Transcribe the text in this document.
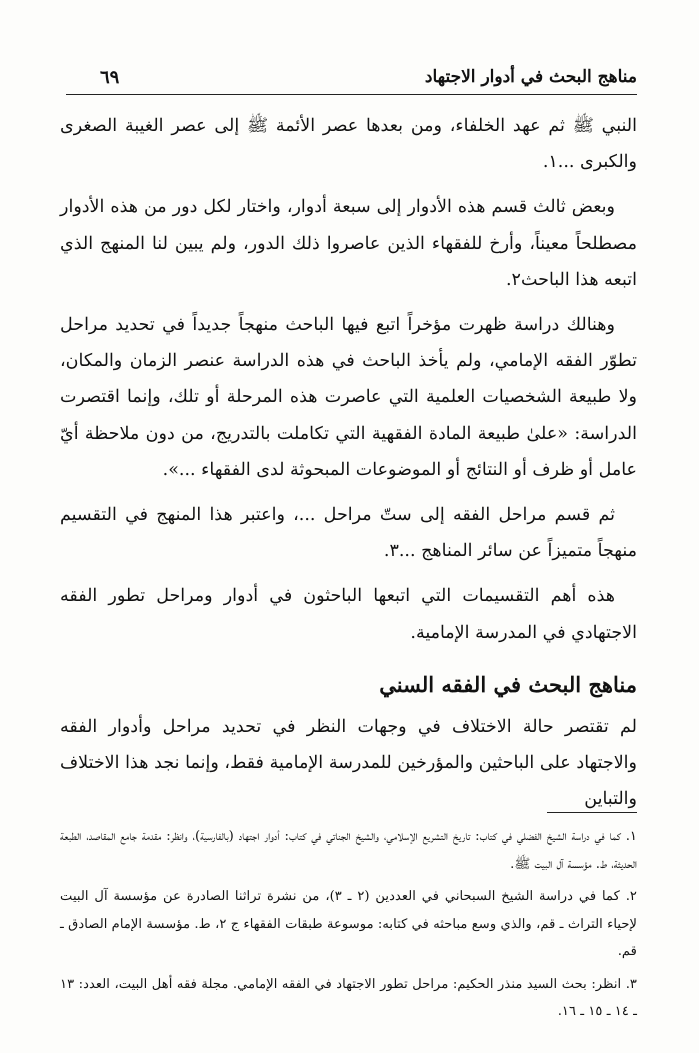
مناهج البحث في أدوار الاجتهاد
٦٩

النبي ﷺ ثم عهد الخلفاء، ومن بعدها عصر الأئمة ﷺ إلى عصر الغيبة الصغرى والكبرى ...١.

وبعض ثالث قسم هذه الأدوار إلى سبعة أدوار، واختار لكل دور من هذه الأدوار مصطلحاً معيناً، وأرخ للفقهاء الذين عاصروا ذلك الدور، ولم يبين لنا المنهج الذي اتبعه هذا الباحث٢.

وهنالك دراسة ظهرت مؤخراً اتبع فيها الباحث منهجاً جديداً في تحديد مراحل تطوّر الفقه الإمامي، ولم يأخذ الباحث في هذه الدراسة عنصر الزمان والمكان، ولا طبيعة الشخصيات العلمية التي عاصرت هذه المرحلة أو تلك، وإنما اقتصرت الدراسة: «علىٰ طبيعة المادة الفقهية التي تكاملت بالتدريج، من دون ملاحظة أيّ عامل أو ظرف أو النتائج أو الموضوعات المبحوثة لدى الفقهاء ...».

ثم قسم مراحل الفقه إلى ستّ مراحل ...، واعتبر هذا المنهج في التقسيم منهجاً متميزاً عن سائر المناهج ...٣.

هذه أهم التقسيمات التي اتبعها الباحثون في أدوار ومراحل تطور الفقه الاجتهادي في المدرسة الإمامية.

مناهج البحث في الفقه السني

لم تقتصر حالة الاختلاف في وجهات النظر في تحديد مراحل وأدوار الفقه والاجتهاد على الباحثين والمؤرخين للمدرسة الإمامية فقط، وإنما نجد هذا الاختلاف والتباين

١. كما في دراسة الشيخ الفضلي في كتاب: تاريخ التشريع الإسلامي، والشيخ الجناتي في كتاب: أدوار اجتهاد (بالفارسية)، وانظر: مقدمة جامع المقاصد، الطبعة الحديثة، ط. مؤسسة آل البيت ﷺ.

٢. كما في دراسة الشيخ السبحاني في العددين (٢ ـ ٣)، من نشرة تراثنا الصادرة عن مؤسسة آل البيت لإحياء التراث ـ قم، والذي وسع مباحثه في كتابه: موسوعة طبقات الفقهاء ج ٢، ط. مؤسسة الإمام الصادق ـ قم.

٣. انظر: بحث السيد منذر الحكيم: مراحل تطور الاجتهاد في الفقه الإمامي. مجلة فقه أهل البيت، العدد: ١٣ ـ ١٤ ـ ١٥ ـ ١٦.
